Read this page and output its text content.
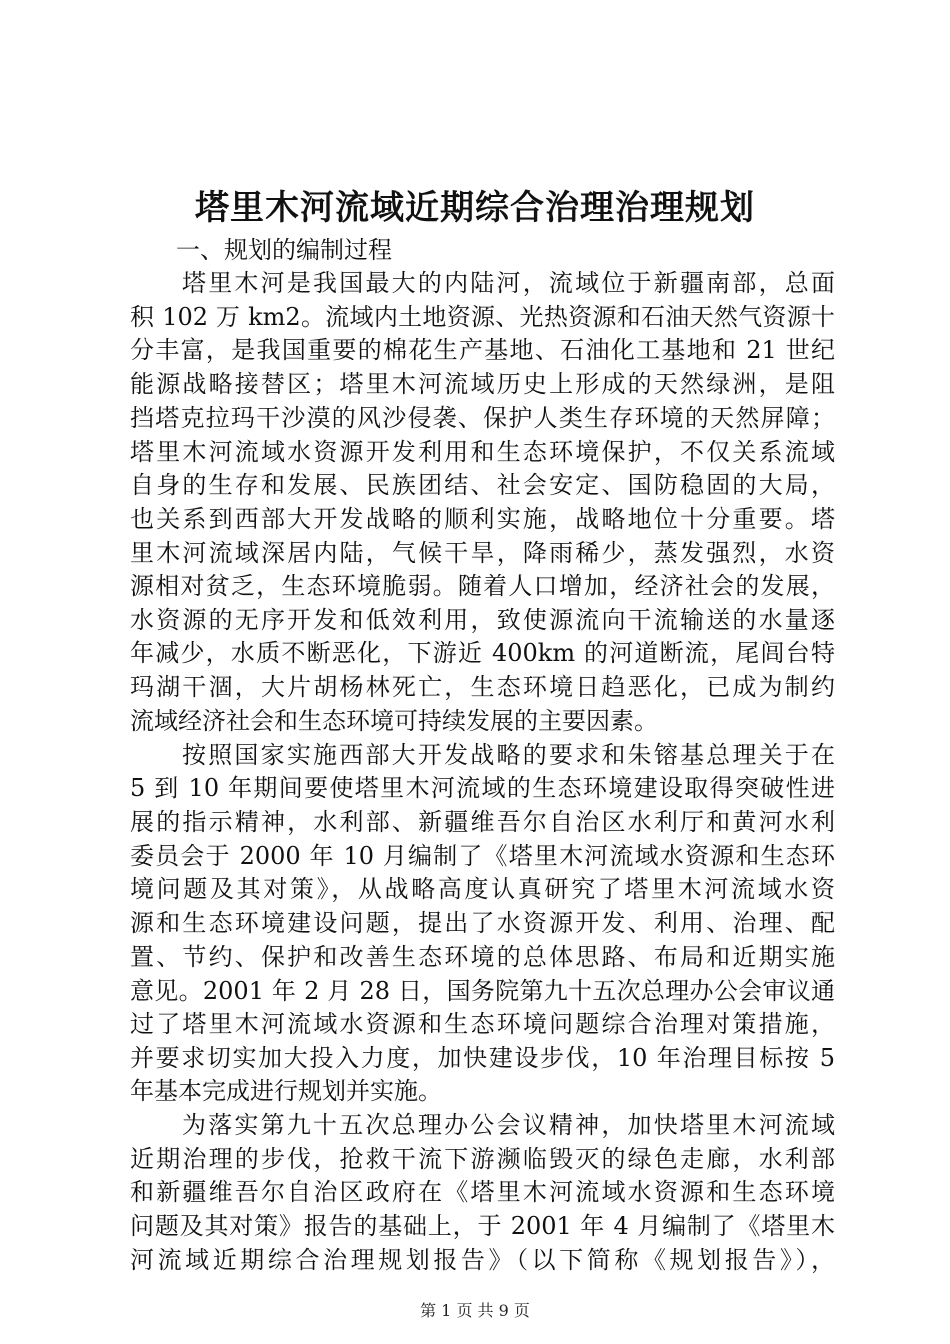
塔里木河流域近期综合治理治理规划
一、规划的编制过程
塔里木河是我国最大的内陆河，流域位于新疆南部，总面
积 102 万 km2。流域内土地资源、光热资源和石油天然气资源十
分丰富，是我国重要的棉花生产基地、石油化工基地和 21 世纪
能源战略接替区；塔里木河流域历史上形成的天然绿洲，是阻
挡塔克拉玛干沙漠的风沙侵袭、保护人类生存环境的天然屏障；
塔里木河流域水资源开发利用和生态环境保护，不仅关系流域
自身的生存和发展、民族团结、社会安定、国防稳固的大局，
也关系到西部大开发战略的顺利实施，战略地位十分重要。塔
里木河流域深居内陆，气候干旱，降雨稀少，蒸发强烈，水资
源相对贫乏，生态环境脆弱。随着人口增加，经济社会的发展，
水资源的无序开发和低效利用，致使源流向干流输送的水量逐
年减少，水质不断恶化，下游近 400km 的河道断流，尾闾台特
玛湖干涸，大片胡杨林死亡，生态环境日趋恶化，已成为制约
流域经济社会和生态环境可持续发展的主要因素。
按照国家实施西部大开发战略的要求和朱镕基总理关于在
5 到 10 年期间要使塔里木河流域的生态环境建设取得突破性进
展的指示精神，水利部、新疆维吾尔自治区水利厅和黄河水利
委员会于 2000 年 10 月编制了《塔里木河流域水资源和生态环
境问题及其对策》，从战略高度认真研究了塔里木河流域水资
源和生态环境建设问题，提出了水资源开发、利用、治理、配
置、节约、保护和改善生态环境的总体思路、布局和近期实施
意见。2001 年 2 月 28 日，国务院第九十五次总理办公会审议通
过了塔里木河流域水资源和生态环境问题综合治理对策措施，
并要求切实加大投入力度，加快建设步伐，10 年治理目标按 5
年基本完成进行规划并实施。
为落实第九十五次总理办公会议精神，加快塔里木河流域
近期治理的步伐，抢救干流下游濒临毁灭的绿色走廊，水利部
和新疆维吾尔自治区政府在《塔里木河流域水资源和生态环境
问题及其对策》报告的基础上，于 2001 年 4 月编制了《塔里木
河流域近期综合治理规划报告》（以下简称《规划报告》），
第 1 页 共 9 页
